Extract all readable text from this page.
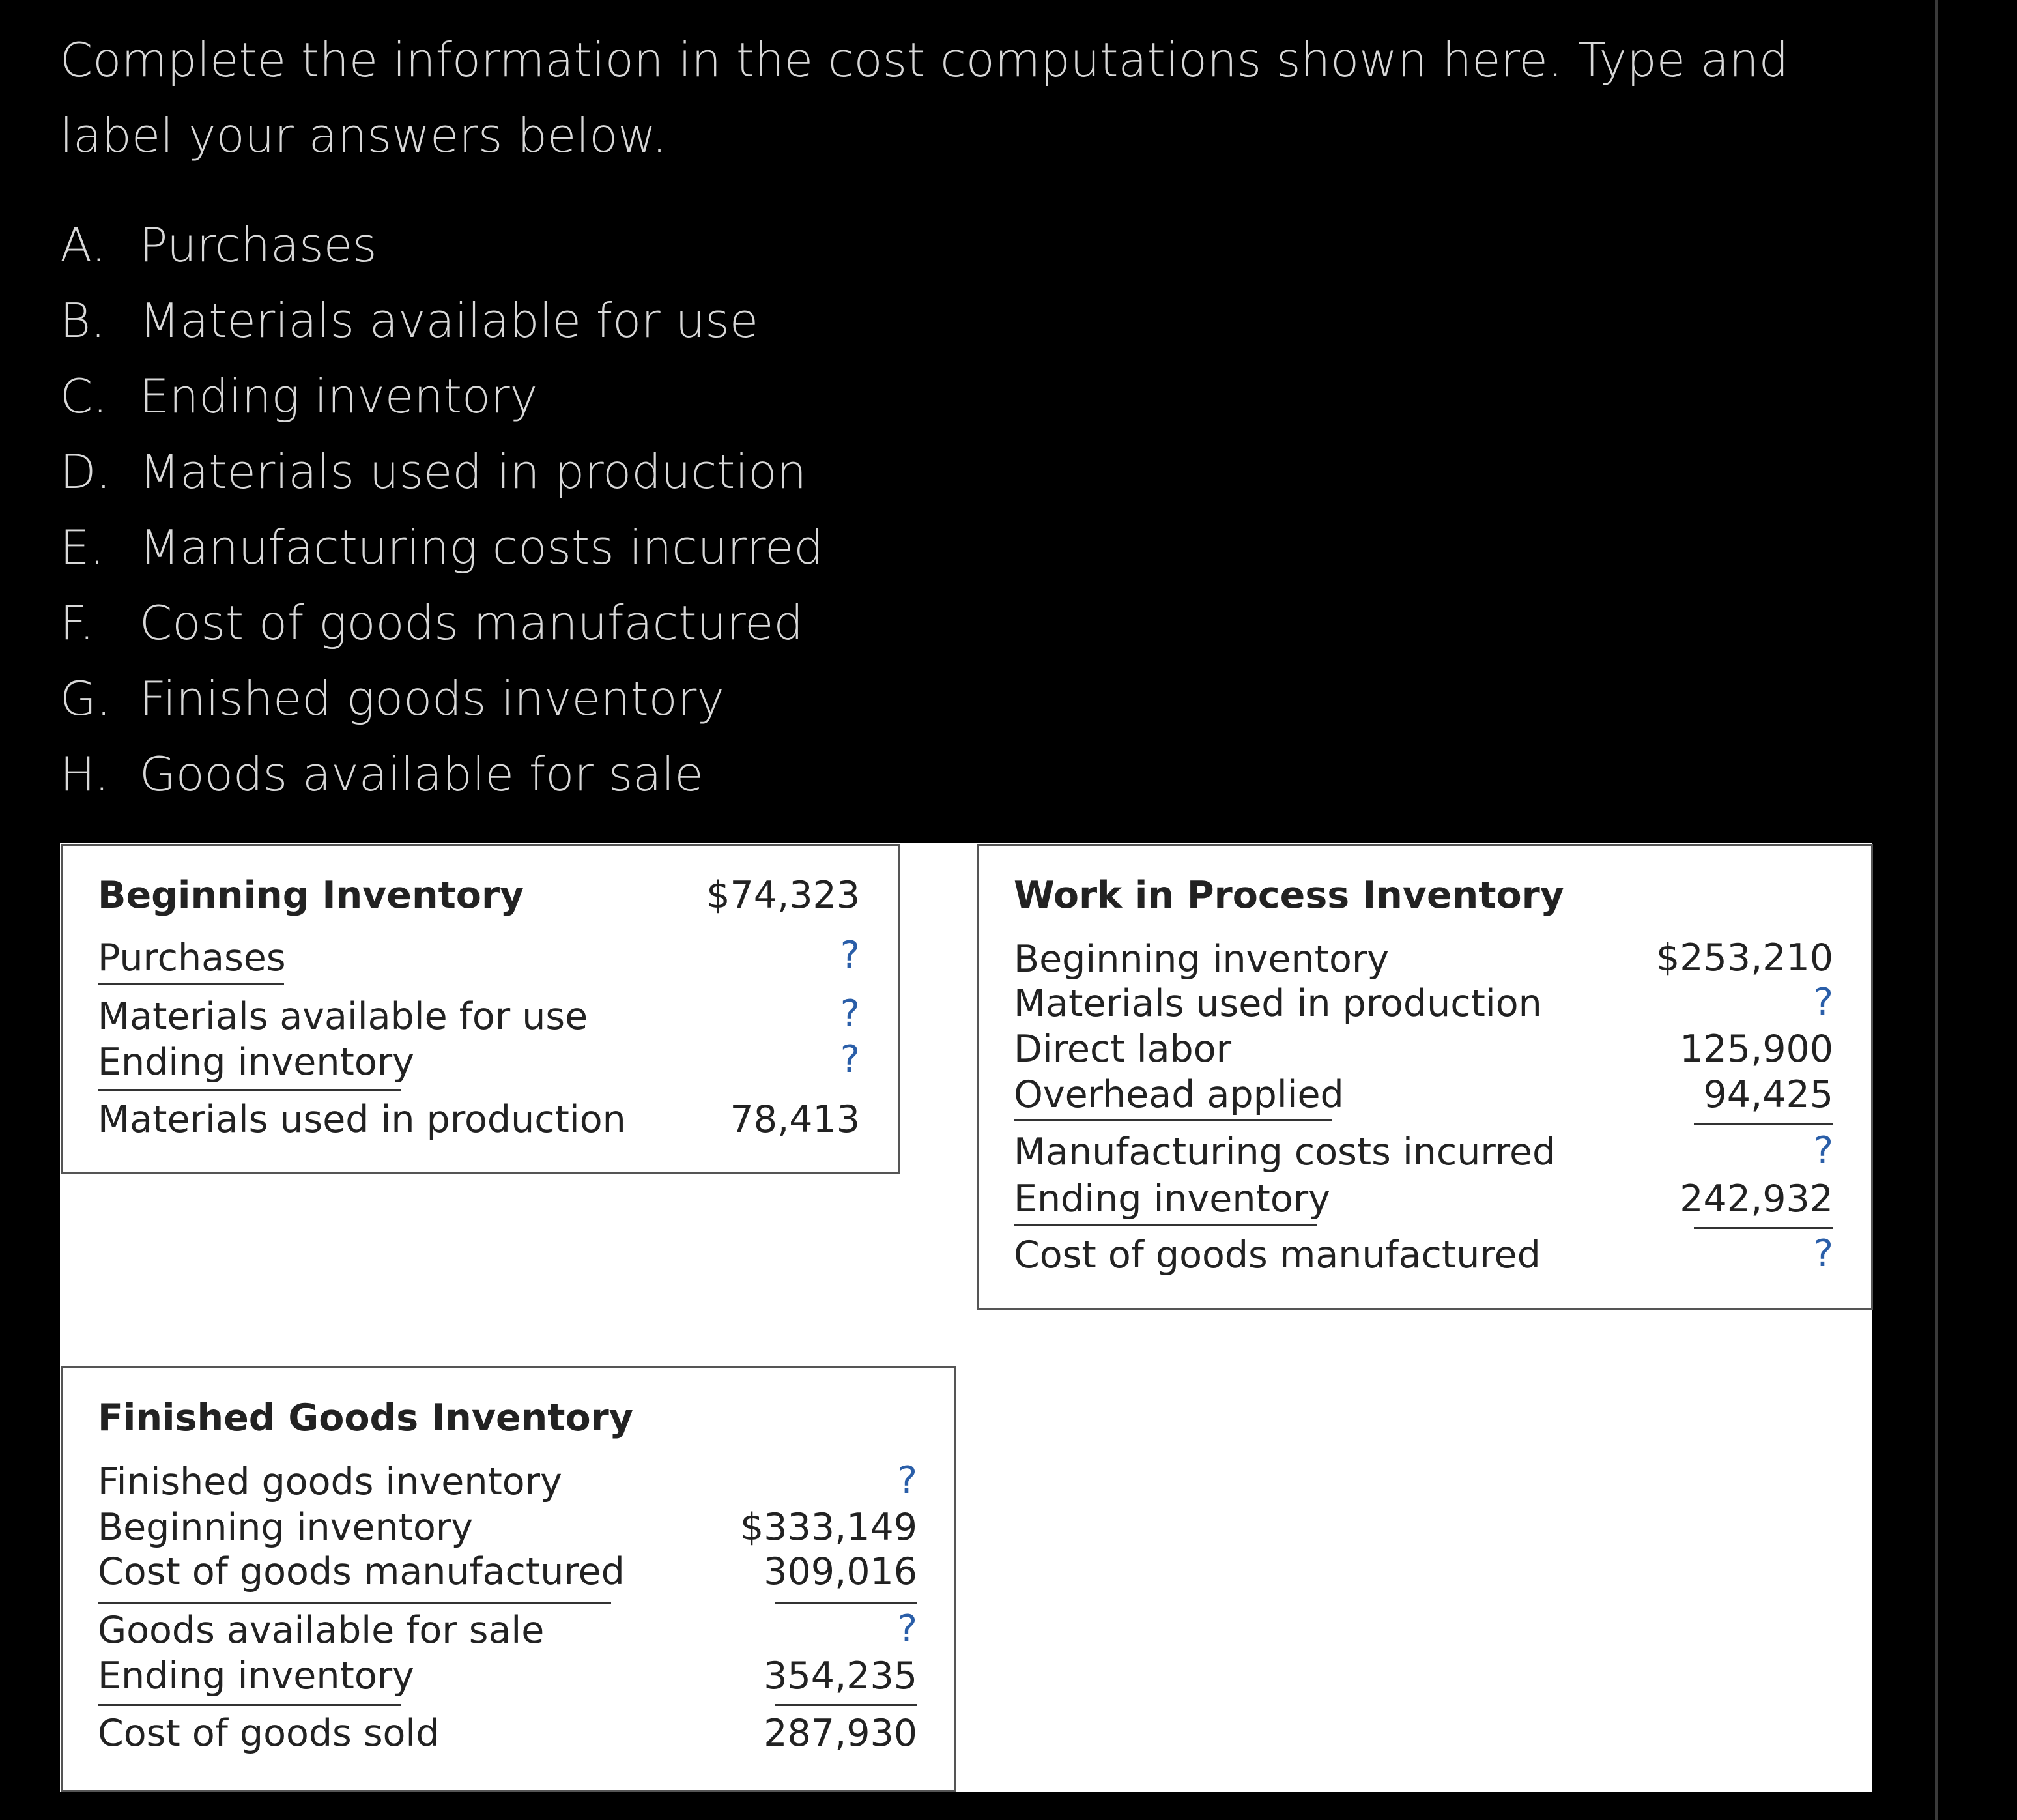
Complete the information in the cost computations shown here. Type and label your answers below.

A. Purchases
B. Materials available for use
C. Ending inventory
D. Materials used in production
E. Manufacturing costs incurred
F. Cost of goods manufactured
G. Finished goods inventory
H. Goods available for sale
Beginning Inventory	$74,323
Purchases	?
Materials available for use	?
Ending inventory	?
Materials used in production	78,413
Work in Process Inventory
Beginning inventory	$253,210
Materials used in production	?
Direct labor	125,900
Overhead applied	94,425
Manufacturing costs incurred	?
Ending inventory	242,932
Cost of goods manufactured	?
Finished Goods Inventory
Finished goods inventory	?
Beginning inventory	$333,149
Cost of goods manufactured	309,016
Goods available for sale	?
Ending inventory	354,235
Cost of goods sold	287,930
